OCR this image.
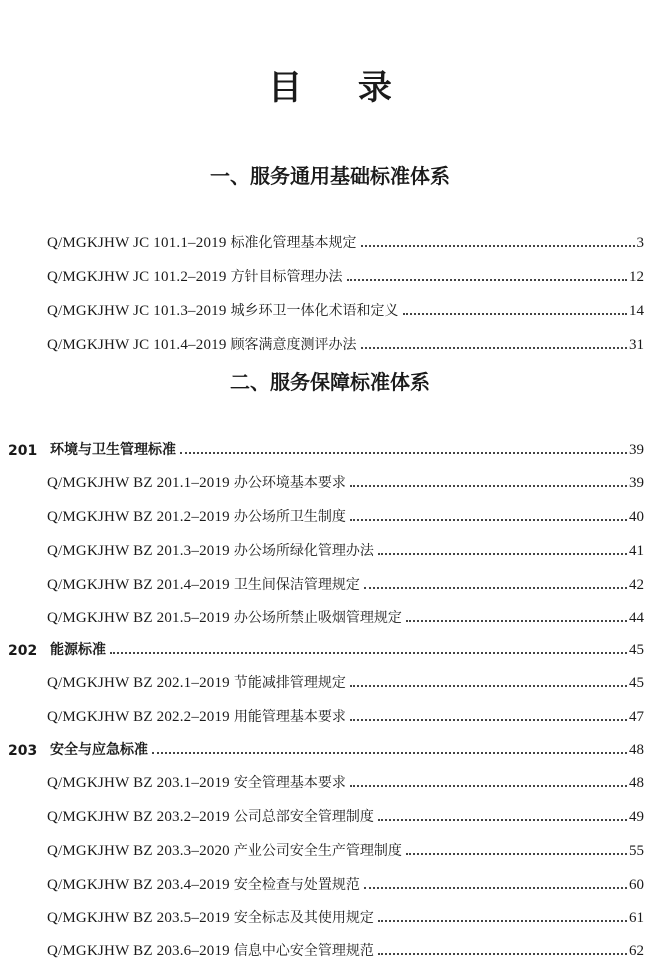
目 录
一、服务通用基础标准体系
Q/MGKJHW JC 101.1–2019 标准化管理基本规定	3
Q/MGKJHW JC 101.2–2019 方针目标管理办法	12
Q/MGKJHW JC 101.3–2019 城乡环卫一体化术语和定义	14
Q/MGKJHW JC 101.4–2019 顾客满意度测评办法	31
二、服务保障标准体系
201 环境与卫生管理标准	39
Q/MGKJHW BZ 201.1–2019 办公环境基本要求	39
Q/MGKJHW BZ 201.2–2019 办公场所卫生制度	40
Q/MGKJHW BZ 201.3–2019 办公场所绿化管理办法	41
Q/MGKJHW BZ 201.4–2019 卫生间保洁管理规定	42
Q/MGKJHW BZ 201.5–2019 办公场所禁止吸烟管理规定	44
202 能源标准	45
Q/MGKJHW BZ 202.1–2019 节能减排管理规定	45
Q/MGKJHW BZ 202.2–2019 用能管理基本要求	47
203 安全与应急标准	48
Q/MGKJHW BZ 203.1–2019 安全管理基本要求	48
Q/MGKJHW BZ 203.2–2019 公司总部安全管理制度	49
Q/MGKJHW BZ 203.3–2020 产业公司安全生产管理制度	55
Q/MGKJHW BZ 203.4–2019 安全检查与处置规范	60
Q/MGKJHW BZ 203.5–2019 安全标志及其使用规定	61
Q/MGKJHW BZ 203.6–2019 信息中心安全管理规范	62
